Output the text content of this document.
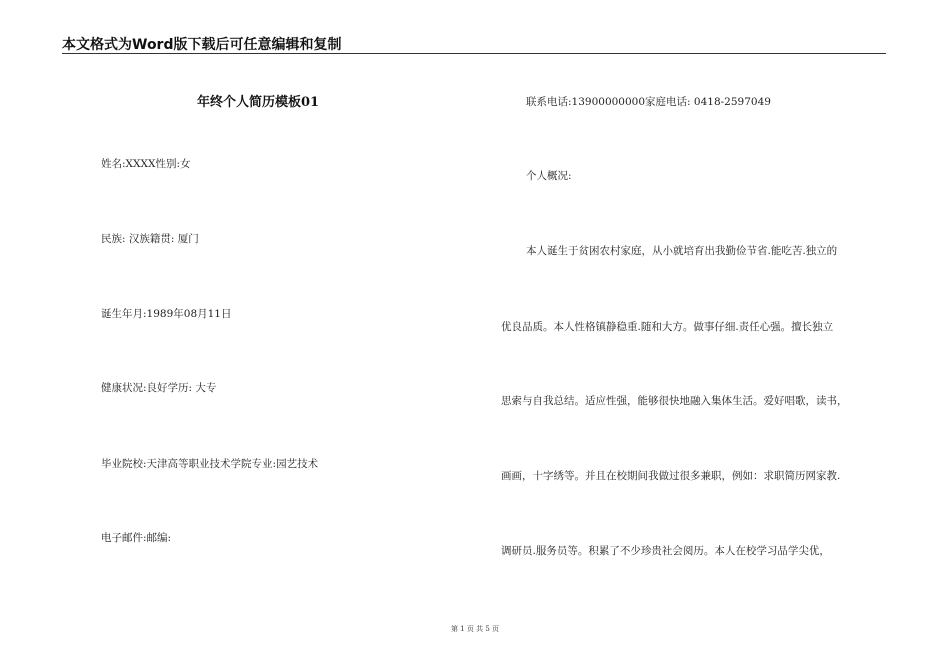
本文格式为Word版下载后可任意编辑和复制
年终个人简历模板01
姓名:XXXX性别:女
民族: 汉族籍贯: 厦门
诞生年月:1989年08月11日
健康状况:良好学历: 大专
毕业院校:天津高等职业技术学院专业:园艺技术
电子邮件:邮编:
联系电话:13900000000家庭电话: 0418-2597049
个人概况:
本人诞生于贫困农村家庭，从小就培育出我勤俭节省.能吃苦.独立的
优良品质。本人性格镇静稳重.随和大方。做事仔细.责任心强。擅长独立
思索与自我总结。适应性强，能够很快地融入集体生活。爱好唱歌，读书，
画画，十字绣等。并且在校期间我做过很多兼职，例如：求职简历网家教.
调研员.服务员等。积累了不少珍贵社会阅历。本人在校学习品学尖优，
第 1 页 共 5 页
